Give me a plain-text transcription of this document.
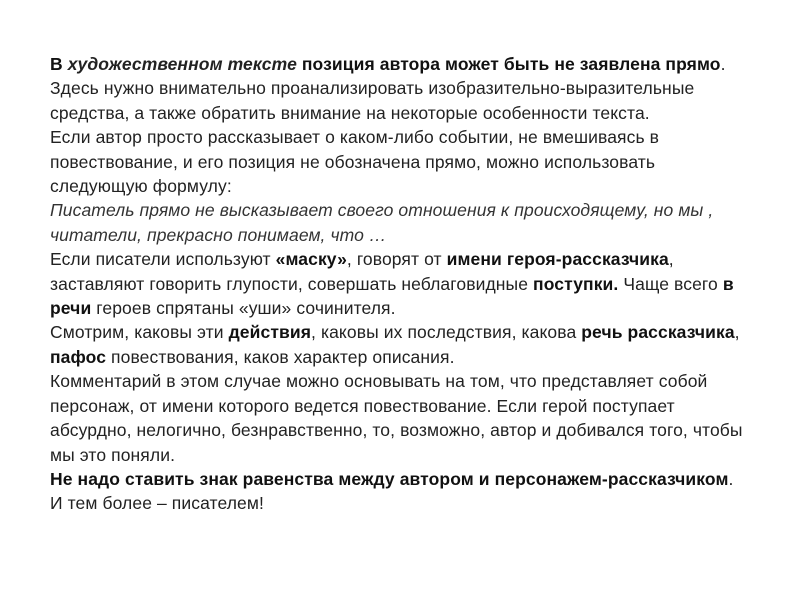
В художественном тексте позиция автора может быть не заявлена прямо. Здесь нужно внимательно проанализировать изобразительно-выразительные средства, а также обратить внимание на некоторые особенности текста.

Если автор просто рассказывает о каком-либо событии, не вмешиваясь в повествование, и его позиция не обозначена прямо, можно использовать следующую формулу:

Писатель прямо не высказывает своего отношения к происходящему, но мы , читатели, прекрасно понимаем, что …

Если писатели используют «маску», говорят от имени героя-рассказчика, заставляют говорить глупости, совершать неблаговидные поступки. Чаще всего в речи героев спрятаны «уши» сочинителя.

Смотрим, каковы эти действия, каковы их последствия, какова речь рассказчика, пафос повествования, каков характер описания.

Комментарий в этом случае можно основывать на том, что представляет собой персонаж, от имени которого ведется повествование. Если герой поступает абсурдно, нелогично, безнравственно, то, возможно, автор и добивался того, чтобы мы это поняли.

Не надо ставить знак равенства между автором и персонажем-рассказчиком. И тем более – писателем!
